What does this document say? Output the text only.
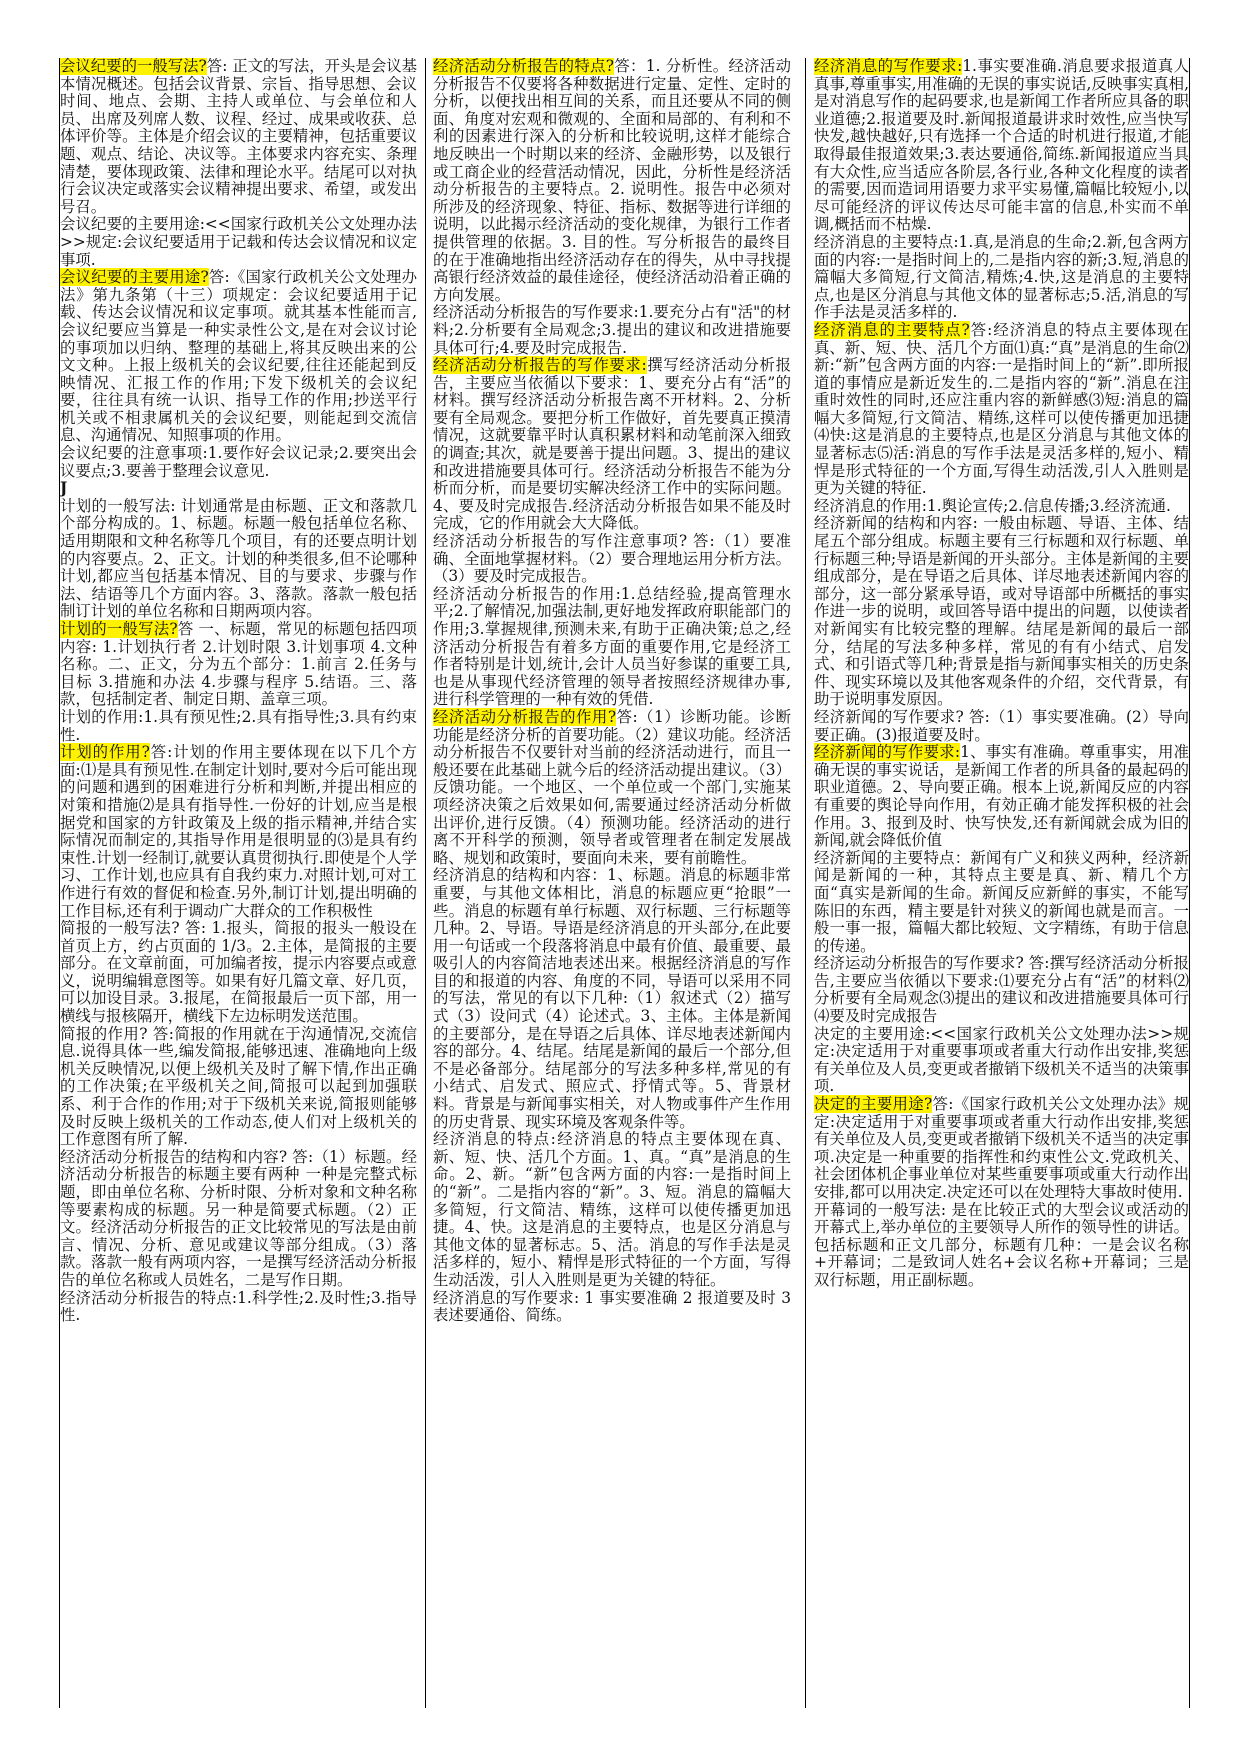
会议纪要的一般写法?答: 正文的写法，开头是会议基本情况概述。包括会议背景、宗旨、指导思想、会议时间、地点、会期、主持人或单位、与会单位和人员、出席及列席人数、议程、经过、成果或收获、总体评价等。主体是介绍会议的主要精神，包括重要议题、观点、结论、决议等。主体要求内容充实、条理清楚，要体现政策、法律和理论水平。结尾可以对执行会议决定或落实会议精神提出要求、希望，或发出号召。

会议纪要的主要用途:<<国家行政机关公文处理办法>>规定:会议纪要适用于记载和传达会议情况和议定事项.

会议纪要的主要用途?答:《国家行政机关公文处理办法》第九条第（十三）项规定：会议纪要适用于记载、传达会议情况和议定事项。就其基本性能而言,会议纪要应当算是一种实录性公文,是在对会议讨论的事项加以归纳、整理的基础上,将其反映出来的公文文种。上报上级机关的会议纪要,往往还能起到反映情况、汇报工作的作用;下发下级机关的会议纪要，往往具有统一认识、指导工作的作用;抄送平行机关或不相隶属机关的会议纪要，则能起到交流信息、沟通情况、知照事项的作用。

会议纪要的注意事项:1.要作好会议记录;2.要突出会议要点;3.要善于整理会议意见.

J

计划的一般写法: 计划通常是由标题、正文和落款几个部分构成的。1、标题。标题一般包括单位名称、适用期限和文种名称等几个项目，有的还要点明计划的内容要点。2、正文。计划的种类很多,但不论哪种计划,都应当包括基本情况、目的与要求、步骤与作法、结语等几个方面内容。3、落款。落款一般包括制订计划的单位名称和日期两项内容。

计划的一般写法?答 一、标题，常见的标题包括四项内容: 1.计划执行者 2.计划时限 3.计划事项 4.文种名称。二、正文，分为五个部分：1.前言 2.任务与目标 3.措施和办法 4.步骤与程序 5.结语。三、落款，包括制定者、制定日期、盖章三项。

计划的作用:1.具有预见性;2.具有指导性;3.具有约束性.

计划的作用?答:计划的作用主要体现在以下几个方面:⑴是具有预见性.在制定计划时,要对今后可能出现的问题和遇到的困难进行分析和判断,并提出相应的对策和措施⑵是具有指导性.一份好的计划,应当是根据党和国家的方针政策及上级的指示精神,并结合实际情况而制定的,其指导作用是很明显的⑶是具有约束性.计划一经制订,就要认真贯彻执行.即使是个人学习、工作计划,也应具有自我约束力.对照计划,可对工作进行有效的督促和检查.另外,制订计划,提出明确的工作目标,还有利于调动广大群众的工作积极性

简报的一般写法? 答: 1.报头，简报的报头一般设在首页上方，约占页面的 1/3。2.主体，是简报的主要部分。在文章前面，可加编者按，提示内容要点或意义，说明编辑意图等。如果有好几篇文章、好几页，可以加设目录。3.报尾，在简报最后一页下部，用一横线与报核隔开，横线下左边标明发送范围。

简报的作用? 答:简报的作用就在于沟通情况,交流信息.说得具体一些,编发简报,能够迅速、准确地向上级机关反映情况,以便上级机关及时了解下情,作出正确的工作决策;在平级机关之间,简报可以起到加强联系、利于合作的作用;对于下级机关来说,简报则能够及时反映上级机关的工作动态,使人们对上级机关的工作意图有所了解.

经济活动分析报告的结构和内容? 答:（1）标题。经济活动分析报告的标题主要有两种 一种是完整式标题，即由单位名称、分析时限、分析对象和文种名称等要素构成的标题。另一种是简要式标题。（2）正文。经济活动分析报告的正文比较常见的写法是由前言、情况、分析、意见或建议等部分组成。（3）落款。落款一般有两项内容，一是撰写经济活动分析报告的单位名称或人员姓名，二是写作日期。

经济活动分析报告的特点:1.科学性;2.及时性;3.指导性.

经济活动分析报告的特点?答：1. 分析性。经济活动分析报告不仅要将各种数据进行定量、定性、定时的分析，以便找出相互间的关系，而且还要从不同的侧面、角度对宏观和微观的、全面和局部的、有利和不利的因素进行深入的分析和比较说明,这样才能综合地反映出一个时期以来的经济、金融形势，以及银行或工商企业的经营活动情况，因此，分析性是经济活动分析报告的主要特点。2. 说明性。报告中必须对所涉及的经济现象、特征、指标、数据等进行详细的说明，以此揭示经济活动的变化规律，为银行工作者提供管理的依据。3. 目的性。写分析报告的最终目的在于准确地指出经济活动存在的得失，从中寻找提高银行经济效益的最佳途径，使经济活动沿着正确的方向发展。

经济活动分析报告的写作要求:1.要充分占有"活"的材料;2.分析要有全局观念;3.提出的建议和改进措施要具体可行;4.要及时完成报告.

经济活动分析报告的写作要求:撰写经济活动分析报告，主要应当依循以下要求：1、要充分占有“活”的材料。撰写经济活动分析报告离不开材料。2、分析要有全局观念。要把分析工作做好，首先要真正摸清情况，这就要靠平时认真积累材料和动笔前深入细致的调查;其次，就是要善于提出问题。3、提出的建议和改进措施要具体可行。经济活动分析报告不能为分析而分析，而是要切实解决经济工作中的实际问题。4、要及时完成报告.经济活动分析报告如果不能及时完成，它的作用就会大大降低。

经济活动分析报告的写作注意事项? 答:（1）要准确、全面地掌握材料。（2）要合理地运用分析方法。（3）要及时完成报告。

经济活动分析报告的作用:1.总结经验,提高管理水平;2.了解情况,加强法制,更好地发挥政府职能部门的作用;3.掌握规律,预测未来,有助于正确决策;总之,经济活动分析报告有着多方面的重要作用,它是经济工作者特别是计划,统计,会计人员当好参谋的重要工具,也是从事现代经济管理的领导者按照经济规律办事,进行科学管理的一种有效的凭借.

经济活动分析报告的作用?答:（1）诊断功能。诊断功能是经济分析的首要功能。（2）建议功能。经济活动分析报告不仅要针对当前的经济活动进行，而且一般还要在此基础上就今后的经济活动提出建议。（3）反馈功能。一个地区、一个单位或一个部门,实施某项经济决策之后效果如何,需要通过经济活动分析做出评价,进行反馈。（4）预测功能。经济活动的进行离不开科学的预测，领导者或管理者在制定发展战略、规划和政策时，要面向未来，要有前瞻性。

经济消息的结构和内容：1、标题。消息的标题非常重要，与其他文体相比，消息的标题应更“抢眼”一些。消息的标题有单行标题、双行标题、三行标题等几种。2、导语。导语是经济消息的开头部分,在此要用一句话或一个段落将消息中最有价值、最重要、最吸引人的内容简洁地表述出来。根据经济消息的写作目的和报道的内容、角度的不同，导语可以采用不同的写法，常见的有以下几种:（1）叙述式（2）描写式（3）设问式（4）论述式。3、主体。主体是新闻的主要部分，是在导语之后具体、详尽地表述新闻内容的部分。4、结尾。结尾是新闻的最后一个部分,但不是必备部分。结尾部分的写法多种多样,常见的有小结式、启发式、照应式、抒情式等。5、背景材料。背景是与新闻事实相关，对人物或事件产生作用的历史背景、现实环境及客观条件等。

经济消息的特点:经济消息的特点主要体现在真、新、短、快、活几个方面。1、真。“真”是消息的生命。2、新。“新”包含两方面的内容:一是指时间上的“新”。二是指内容的“新”。3、短。消息的篇幅大多简短，行文简洁、精练，这样可以使传播更加迅捷。4、快。这是消息的主要特点，也是区分消息与其他文体的显著标志。5、活。消息的写作手法是灵活多样的，短小、精悍是形式特征的一个方面，写得生动活泼，引人入胜则是更为关键的特征。

经济消息的写作要求: 1 事实要准确 2 报道要及时 3 表述要通俗、简练。

经济消息的写作要求:1.事实要准确.消息要求报道真人真事,尊重事实,用准确的无误的事实说话,反映事实真相,是对消息写作的起码要求,也是新闻工作者所应具备的职业道德;2.报道要及时.新闻报道最讲求时效性,应当快写快发,越快越好,只有选择一个合适的时机进行报道,才能取得最佳报道效果;3.表达要通俗,简练.新闻报道应当具有大众性,应当适应各阶层,各行业,各种文化程度的读者的需要,因而造词用语要力求平实易懂,篇幅比较短小,以尽可能经济的评议传达尽可能丰富的信息,朴实而不单调,概括而不枯燥.

经济消息的主要特点:1.真,是消息的生命;2.新,包含两方面的内容:一是指时间上的,二是指内容的新;3.短,消息的篇幅大多简短,行文简洁,精炼;4.快,这是消息的主要特点,也是区分消息与其他文体的显著标志;5.活,消息的写作手法是灵活多样的.

经济消息的主要特点?答:经济消息的特点主要体现在真、新、短、快、活几个方面⑴真:“真”是消息的生命⑵新:“新”包含两方面的内容:一是指时间上的“新”.即所报道的事情应是新近发生的.二是指内容的“新”.消息在注重时效性的同时,还应注重内容的新鲜感⑶短:消息的篇幅大多简短,行文简洁、精练,这样可以使传播更加迅捷⑷快:这是消息的主要特点,也是区分消息与其他文体的显著标志⑸活:消息的写作手法是灵活多样的,短小、精悍是形式特征的一个方面,写得生动活泼,引人入胜则是更为关键的特征.

经济消息的作用:1.舆论宣传;2.信息传播;3.经济流通.

经济新闻的结构和内容: 一般由标题、导语、主体、结尾五个部分组成。标题主要有三行标题和双行标题、单行标题三种;导语是新闻的开头部分。主体是新闻的主要组成部分，是在导语之后具体、详尽地表述新闻内容的部分，这一部分紧承导语，或对导语部中所概括的事实作进一步的说明，或回答导语中提出的问题，以使读者对新闻实有比较完整的理解。结尾是新闻的最后一部分，结尾的写法多种多样，常见的有有小结式、启发式、和引语式等几种;背景是指与新闻事实相关的历史条件、现实环境以及其他客观条件的介绍，交代背景，有助于说明事发原因。

经济新闻的写作要求? 答:（1）事实要准确。(2）导向要正确。(3)报道要及时。

经济新闻的写作要求:1、事实有准确。尊重事实，用准确无误的事实说话，是新闻工作者的所具备的最起码的职业道德。2、导向要正确。根本上说,新闻反应的内容有重要的舆论导向作用，有効正确才能发挥积极的社会作用。3、报到及时、快写快发,还有新闻就会成为旧的新闻,就会降低价值

经济新闻的主要特点：新闻有广义和狭义两种，经济新闻是新闻的一种，其特点主要是真、新、精几个方面“真实是新闻的生命。新闻反应新鲜的事实，不能写陈旧的东西，精主要是针对狭义的新闻也就是而言。一般一事一报，篇幅大都比较短、文字精练，有助于信息的传递。

经济运动分析报告的写作要求? 答:撰写经济活动分析报告,主要应当依循以下要求:⑴要充分占有“活”的材料⑵分析要有全局观念⑶提出的建议和改进措施要具体可行⑷要及时完成报告

决定的主要用途:<<国家行政机关公文处理办法>>规定:决定适用于对重要事项或者重大行动作出安排,奖惩有关单位及人员,变更或者撤销下级机关不适当的决策事项.

决定的主要用途?答:《国家行政机关公文处理办法》规定:决定适用于对重要事项或者重大行动作出安排,奖惩有关单位及人员,变更或者撤销下级机关不适当的决定事项.决定是一种重要的指挥性和约束性公文.党政机关、社会团体机企事业单位对某些重要事项或重大行动作出安排,都可以用决定.决定还可以在处理特大事故时使用.

开幕词的一般写法: 是在比较正式的大型会议或活动的开幕式上,举办单位的主要领导人所作的领导性的讲话。包括标题和正文几部分，标题有几种：一是会议名称+开幕词；二是致词人姓名+会议名称+开幕词；三是双行标题，用正副标题。
